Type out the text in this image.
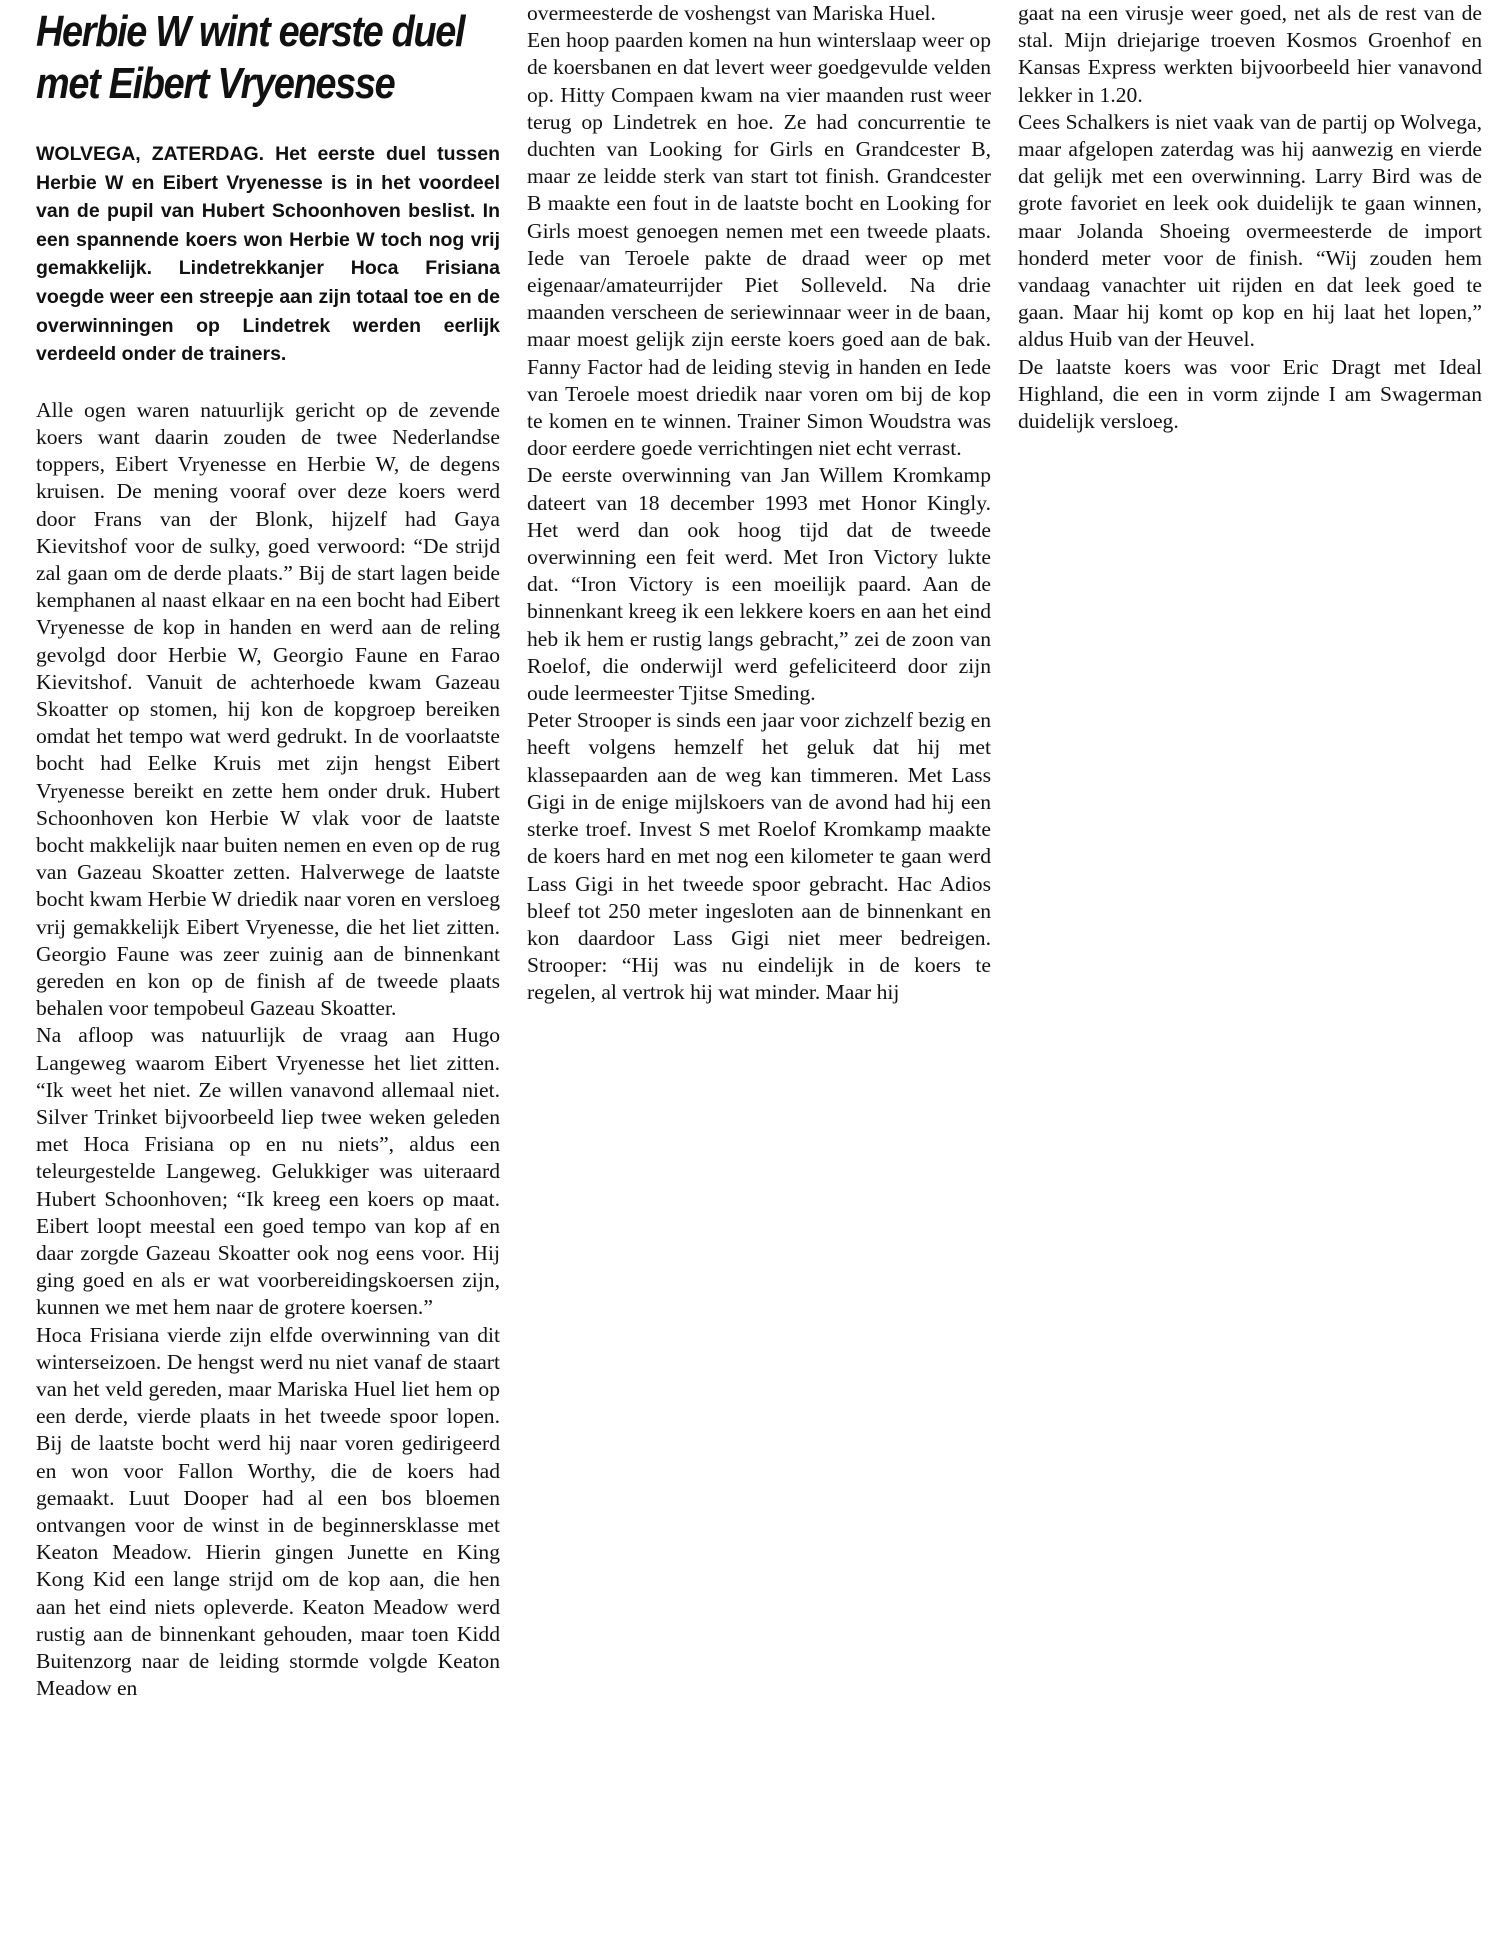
Herbie W wint eerste duel met Eibert Vryenesse

WOLVEGA, ZATERDAG. Het eerste duel tussen Herbie W en Eibert Vryenesse is in het voordeel van de pupil van Hubert Schoonhoven beslist. In een spannende koers won Herbie W toch nog vrij gemakkelijk. Lindetrekkanjer Hoca Frisiana voegde weer een streepje aan zijn totaal toe en de overwinningen op Lindetrek werden eerlijk verdeeld onder de trainers.

Alle ogen waren natuurlijk gericht op de zevende koers want daarin zouden de twee Nederlandse toppers, Eibert Vryenesse en Herbie W, de degens kruisen. De mening vooraf over deze koers werd door Frans van der Blonk, hijzelf had Gaya Kievitshof voor de sulky, goed verwoord: “De strijd zal gaan om de derde plaats.” Bij de start lagen beide kemphanen al naast elkaar en na een bocht had Eibert Vryenesse de kop in handen en werd aan de reling gevolgd door Herbie W, Georgio Faune en Farao Kievitshof. Vanuit de achterhoede kwam Gazeau Skoatter op stomen, hij kon de kopgroep bereiken omdat het tempo wat werd gedrukt. In de voorlaatste bocht had Eelke Kruis met zijn hengst Eibert Vryenesse bereikt en zette hem onder druk. Hubert Schoonhoven kon Herbie W vlak voor de laatste bocht makkelijk naar buiten nemen en even op de rug van Gazeau Skoatter zetten. Halverwege de laatste bocht kwam Herbie W driedik naar voren en versloeg vrij gemakkelijk Eibert Vryenesse, die het liet zitten. Georgio Faune was zeer zuinig aan de binnenkant gereden en kon op de finish af de tweede plaats behalen voor tempobeul Gazeau Skoatter.

Na afloop was natuurlijk de vraag aan Hugo Langeweg waarom Eibert Vryenesse het liet zitten. “Ik weet het niet. Ze willen vanavond allemaal niet. Silver Trinket bijvoorbeeld liep twee weken geleden met Hoca Frisiana op en nu niets”, aldus een teleurgestelde Langeweg. Gelukkiger was uiteraard Hubert Schoonhoven; “Ik kreeg een koers op maat. Eibert loopt meestal een goed tempo van kop af en daar zorgde Gazeau Skoatter ook nog eens voor. Hij ging goed en als er wat voorbereidingskoersen zijn, kunnen we met hem naar de grotere koersen.”

Hoca Frisiana vierde zijn elfde overwinning van dit winterseizoen. De hengst werd nu niet vanaf de staart van het veld gereden, maar Mariska Huel liet hem op een derde, vierde plaats in het tweede spoor lopen. Bij de laatste bocht werd hij naar voren gedirigeerd en won voor Fallon Worthy, die de koers had gemaakt. Luut Dooper had al een bos bloemen ontvangen voor de winst in de beginnersklasse met Keaton Meadow. Hierin gingen Junette en King Kong Kid een lange strijd om de kop aan, die hen aan het eind niets opleverde. Keaton Meadow werd rustig aan de binnenkant gehouden, maar toen Kidd Buitenzorg naar de leiding stormde volgde Keaton Meadow en

overmeesterde de voshengst van Mariska Huel.

Een hoop paarden komen na hun winterslaap weer op de koersbanen en dat levert weer goedgevulde velden op. Hitty Compaen kwam na vier maanden rust weer terug op Lindetrek en hoe. Ze had concurrentie te duchten van Looking for Girls en Grandcester B, maar ze leidde sterk van start tot finish. Grandcester B maakte een fout in de laatste bocht en Looking for Girls moest genoegen nemen met een tweede plaats. Iede van Teroele pakte de draad weer op met eigenaar/amateurrijder Piet Solleveld. Na drie maanden verscheen de seriewinnaar weer in de baan, maar moest gelijk zijn eerste koers goed aan de bak. Fanny Factor had de leiding stevig in handen en Iede van Teroele moest driedik naar voren om bij de kop te komen en te winnen. Trainer Simon Woudstra was door eerdere goede verrichtingen niet echt verrast.

De eerste overwinning van Jan Willem Kromkamp dateert van 18 december 1993 met Honor Kingly. Het werd dan ook hoog tijd dat de tweede overwinning een feit werd. Met Iron Victory lukte dat. “Iron Victory is een moeilijk paard. Aan de binnenkant kreeg ik een lekkere koers en aan het eind heb ik hem er rustig langs gebracht,” zei de zoon van Roelof, die onderwijl werd gefeliciteerd door zijn oude leermeester Tjitse Smeding.

Peter Strooper is sinds een jaar voor zichzelf bezig en heeft volgens hemzelf het geluk dat hij met klassepaarden aan de weg kan timmeren. Met Lass Gigi in de enige mijlskoers van de avond had hij een sterke troef. Invest S met Roelof Kromkamp maakte de koers hard en met nog een kilometer te gaan werd Lass Gigi in het tweede spoor gebracht. Hac Adios bleef tot 250 meter ingesloten aan de binnenkant en kon daardoor Lass Gigi niet meer bedreigen. Strooper: “Hij was nu eindelijk in de koers te regelen, al vertrok hij wat minder. Maar hij

gaat na een virusje weer goed, net als de rest van de stal. Mijn driejarige troeven Kosmos Groenhof en Kansas Express werkten bijvoorbeeld hier vanavond lekker in 1.20.

Cees Schalkers is niet vaak van de partij op Wolvega, maar afgelopen zaterdag was hij aanwezig en vierde dat gelijk met een overwinning. Larry Bird was de grote favoriet en leek ook duidelijk te gaan winnen, maar Jolanda Shoeing overmeesterde de import honderd meter voor de finish. “Wij zouden hem vandaag vanachter uit rijden en dat leek goed te gaan. Maar hij komt op kop en hij laat het lopen,” aldus Huib van der Heuvel.

De laatste koers was voor Eric Dragt met Ideal Highland, die een in vorm zijnde I am Swagerman duidelijk versloeg.
